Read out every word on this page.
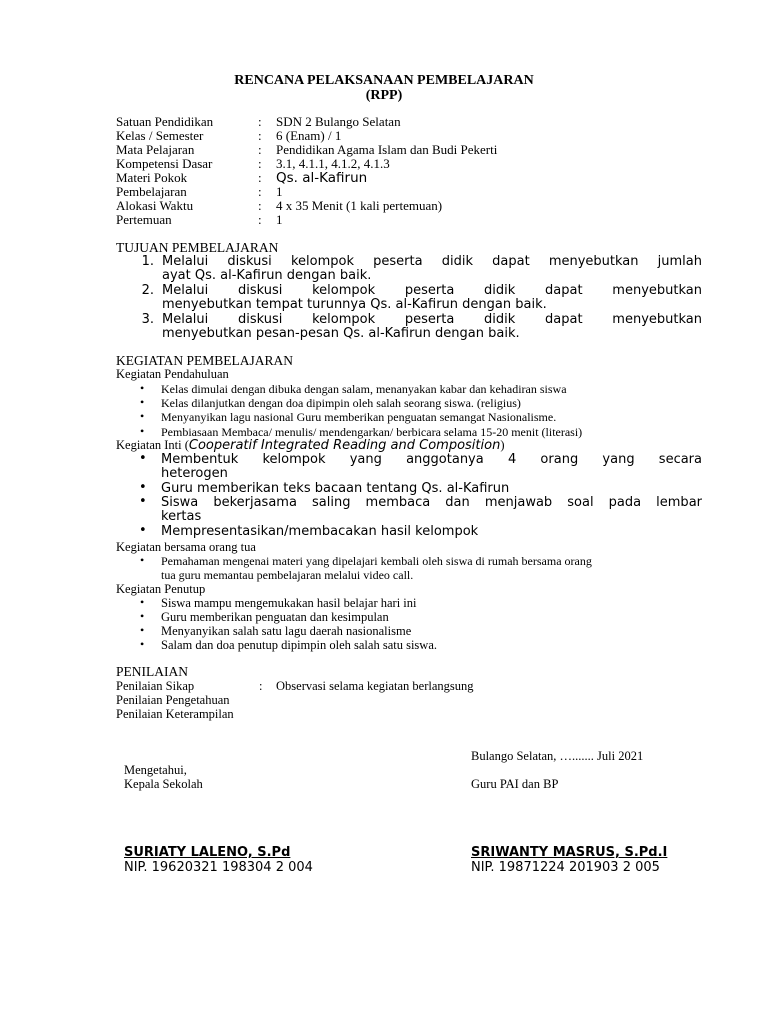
RENCANA PELAKSANAAN PEMBELAJARAN
(RPP)
Satuan Pendidikan	: SDN 2 Bulango Selatan
Kelas / Semester	: 6 (Enam) / 1
Mata Pelajaran	: Pendidikan Agama Islam dan Budi Pekerti
Kompetensi Dasar	: 3.1, 4.1.1, 4.1.2, 4.1.3
Materi Pokok	: Qs. al-Kafirun
Pembelajaran	: 1
Alokasi Waktu	: 4 x 35 Menit (1 kali pertemuan)
Pertemuan	: 1
TUJUAN PEMBELAJARAN
1. Melalui diskusi kelompok peserta didik dapat menyebutkan jumlah
ayat Qs. al-Kafirun dengan baik.
2. Melalui diskusi kelompok peserta didik dapat menyebutkan
menyebutkan tempat turunnya Qs. al-Kafirun dengan baik.
3. Melalui diskusi kelompok peserta didik dapat menyebutkan
menyebutkan pesan-pesan Qs. al-Kafirun dengan baik.
KEGIATAN PEMBELAJARAN
Kegiatan Pendahuluan
• Kelas dimulai dengan dibuka dengan salam, menanyakan kabar dan kehadiran siswa
• Kelas dilanjutkan dengan doa dipimpin oleh salah seorang siswa. (religius)
• Menyanyikan lagu nasional Guru memberikan penguatan semangat Nasionalisme.
• Pembiasaan Membaca/ menulis/ mendengarkan/ berbicara selama 15-20 menit (literasi)
Kegiatan Inti (Cooperatif Integrated Reading and Composition)
• Membentuk kelompok yang anggotanya 4 orang yang secara
heterogen
• Guru memberikan teks bacaan tentang Qs. al-Kafirun
• Siswa bekerjasama saling membaca dan menjawab soal pada lembar
kertas
• Mempresentasikan/membacakan hasil kelompok
Kegiatan bersama orang tua
• Pemahaman mengenai materi yang dipelajari kembali oleh siswa di rumah bersama orang
tua guru memantau pembelajaran melalui video call.
Kegiatan Penutup
• Siswa mampu mengemukakan hasil belajar hari ini
• Guru memberikan penguatan dan kesimpulan
• Menyanyikan salah satu lagu daerah nasionalisme
• Salam dan doa penutup dipimpin oleh salah satu siswa.
PENILAIAN
Penilaian Sikap	: Observasi selama kegiatan berlangsung
Penilaian Pengetahuan
Penilaian Keterampilan
Bulango Selatan, …....... Juli 2021
Mengetahui,
Kepala Sekolah	Guru PAI dan BP
SURIATY LALENO, S.Pd
NIP. 19620321 198304 2 004
SRIWANTY MASRUS, S.Pd.I
NIP. 19871224 201903 2 005
